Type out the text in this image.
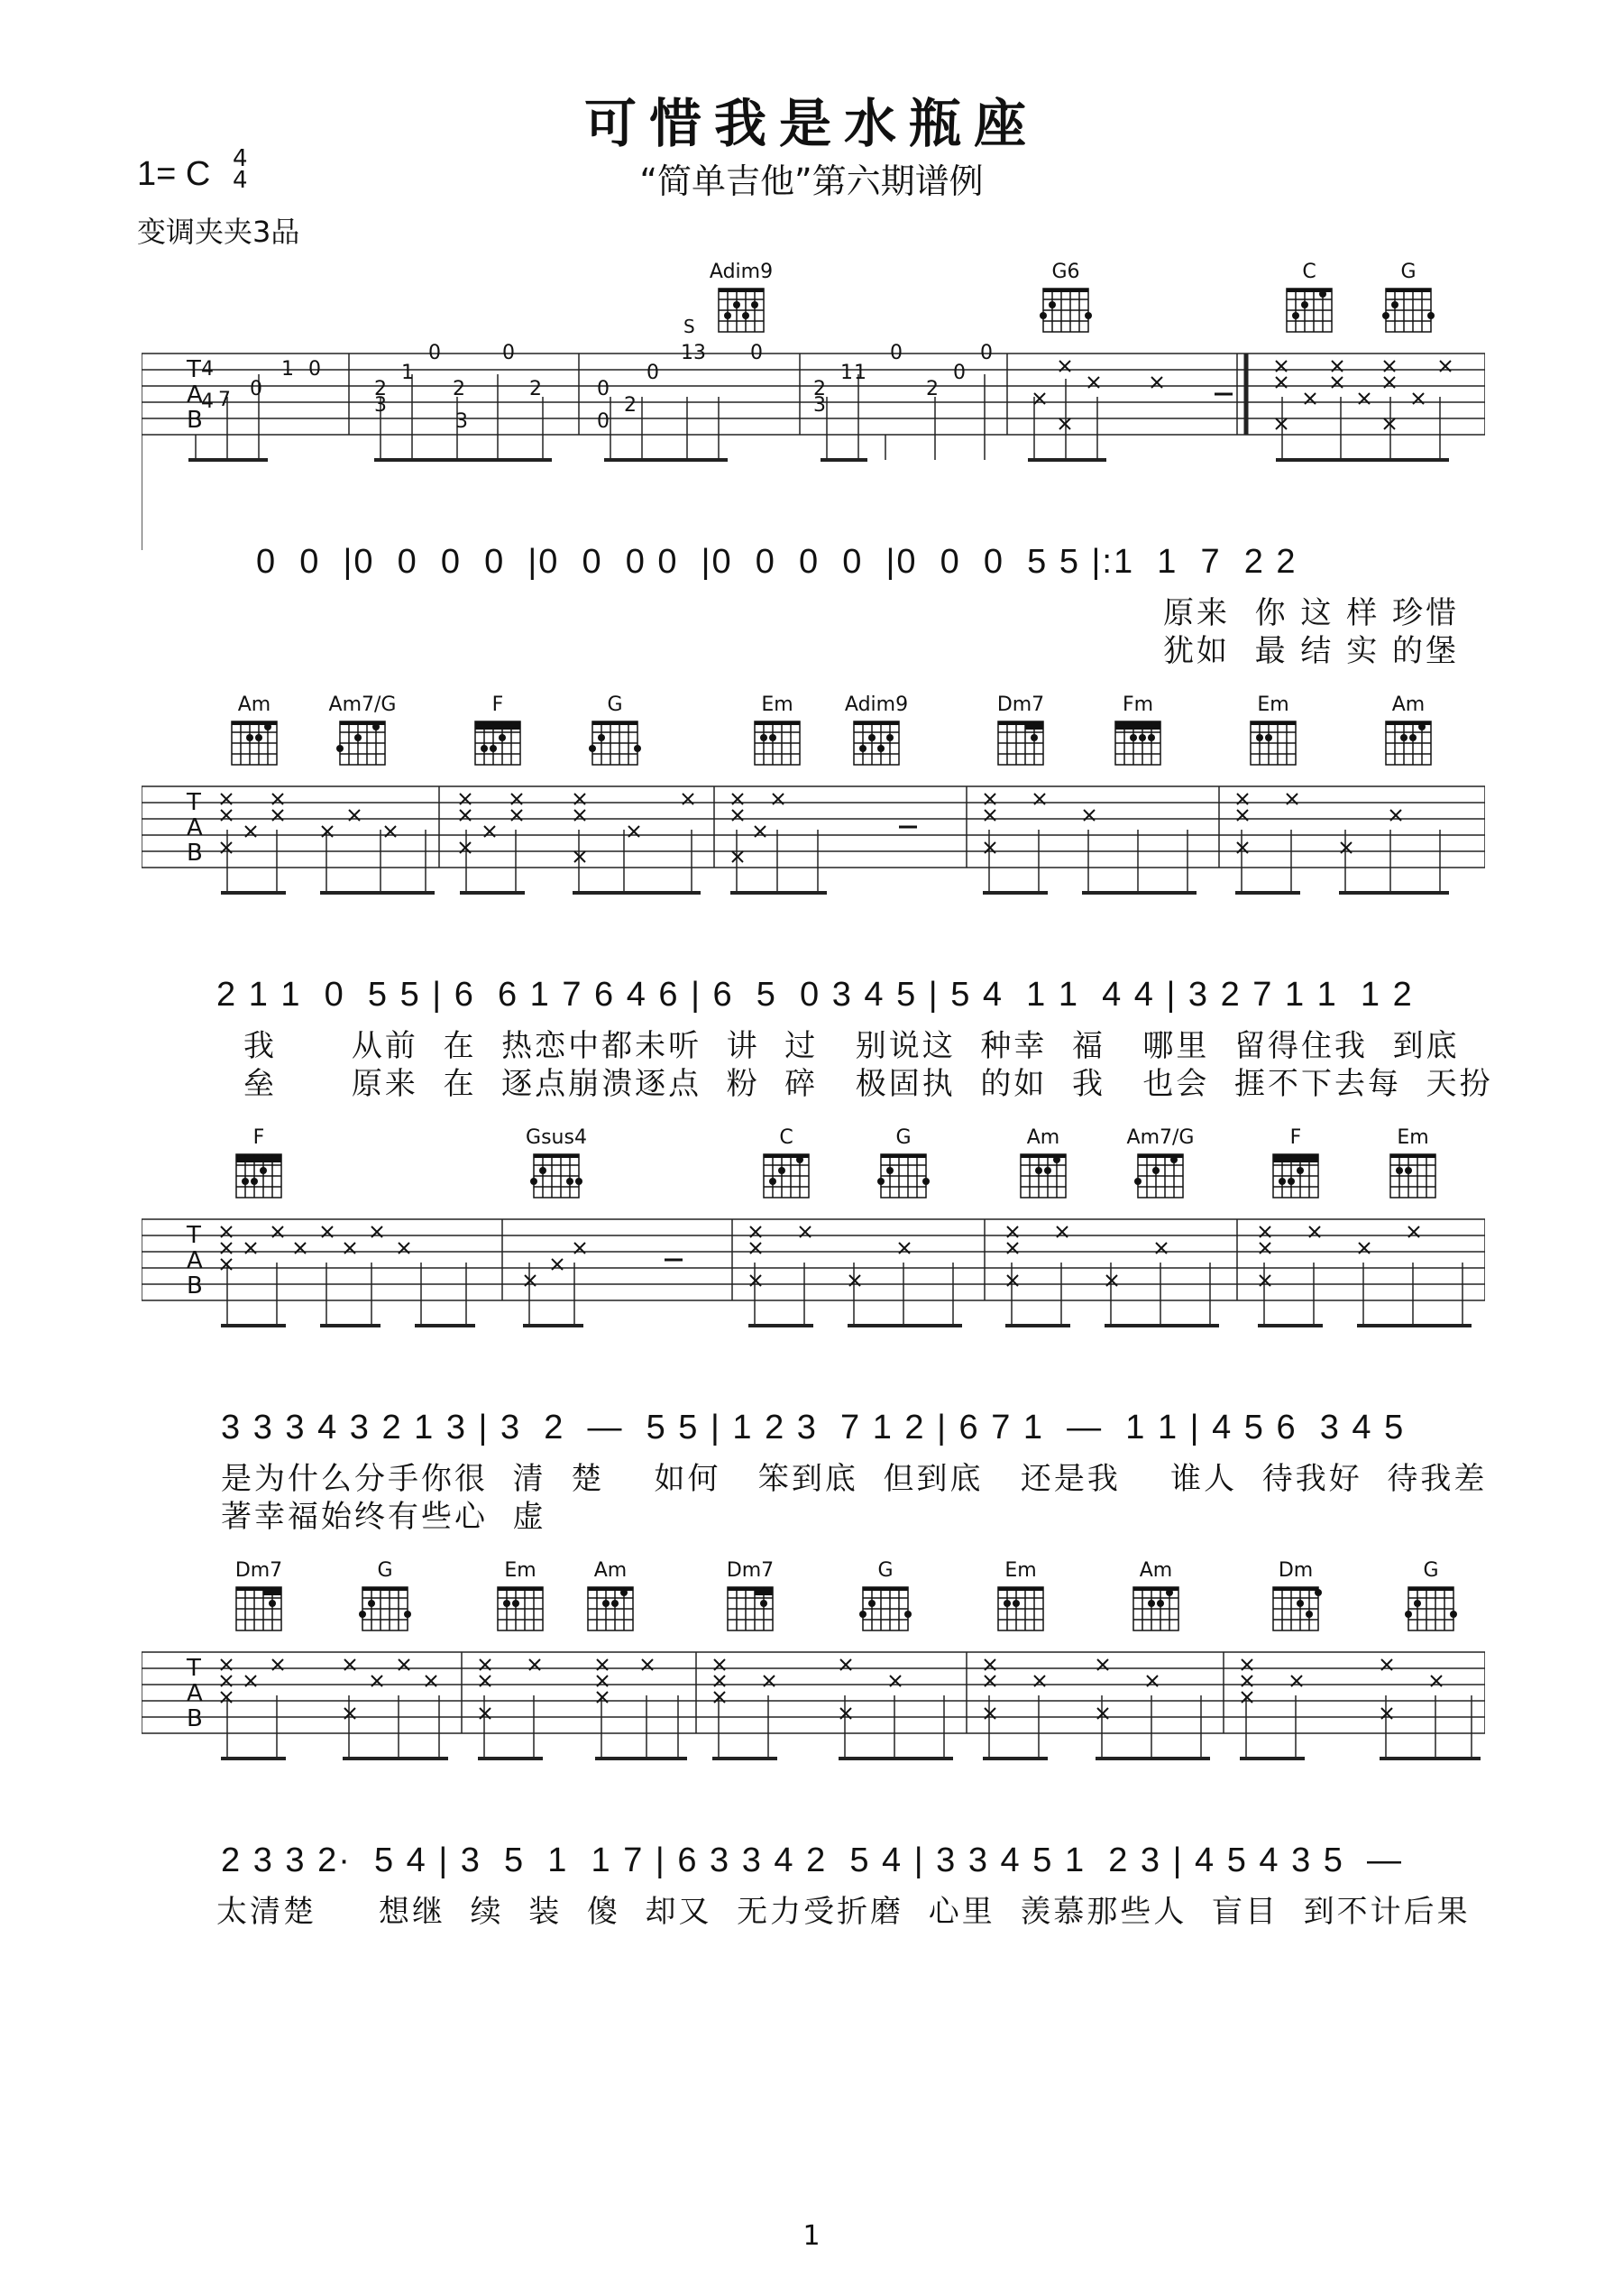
可惜我是水瓶座
1= C 4
4	“简单吉他”第六期谱例
变调夹夹3品
Adim9	G6	C	G
4
4 7 0
1 0
2
3
1
0
2
3
0
2	0
0
2
0
1 3 0
2
3
1 1
0
2
0
0
T
A
B
S
0  0  |0  0  0  0  |0  0  0 0  |0  0  0  0  |0  0  0  5 5 |:1  1  7  2 2
原来  你 这 样 珍惜
犹如  最 结 实 的堡
Am	Am7/G	F	G	Em	Adim9	Dm7	Fm	Em	Am
T
A
B
2 1 1  0  5 5 | 6  6 1 7 6 4 6 | 6  5  0 3 4 5 | 5 4  1 1  4 4 | 3 2 7 1 1  1 2
我      从前  在  热恋中都未听  讲  过   别说这  种幸  福   哪里  留得住我  到底
垒      原来  在  逐点崩溃逐点  粉  碎   极固执  的如  我   也会  捱不下去每  天扮
F	Gsus4	C	G	Am	Am7/G	F	Em
T
A
B
3 3 3 4 3 2 1 3 | 3  2  —  5 5 | 1 2 3  7 1 2 | 6 7 1  —  1 1 | 4 5 6  3 4 5
是为什么分手你很  清  楚    如何   笨到底  但到底   还是我    谁人  待我好  待我差
著幸福始终有些心  虚
Dm7	G	Em	Am	Dm7	G	Em	Am	Dm	G
T
A
B
2 3 3 2·  5 4 | 3  5  1  1 7 | 6 3 3 4 2  5 4 | 3 3 4 5 1  2 3 | 4 5 4 3 5  —
太清楚     想继  续  装  傻  却又  无力受折磨  心里  羡慕那些人  盲目  到不计后果
1
